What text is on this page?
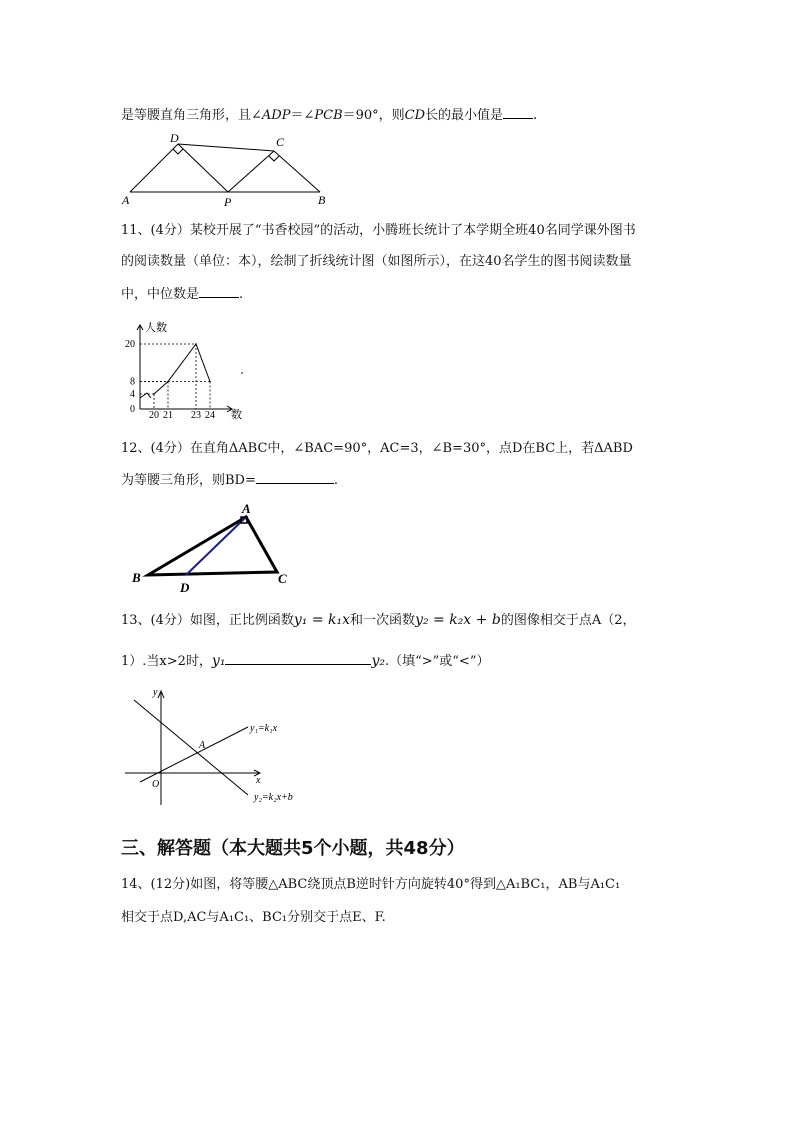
是等腰直角三角形，且∠ADP＝∠PCB＝90°，则CD长的最小值是 .
D	C
A	P	B
11、(4分）某校开展了“书香校园”的活动，小腾班长统计了本学期全班40名同学课外图书
的阅读数量（单位：本），绘制了折线统计图（如图所示），在这40名学生的图书阅读数量
中，中位数是	.
0
4
8
20
20 21 23 24
人数
数
12、(4分）在直角ΔABC中，∠BAC=90°，AC=3，∠B=30°，点D在BC上，若ΔABD
为等腰三角形，则BD=	.
A
B	C
D
13、(4分）如图，正比例函数y₁ = k₁x和一次函数y₂ = k₂x + b的图像相交于点A（2，
1）.当x>2时，y₁	y₂.（填“>”或“<”）
y
x
O
A
y₁=k₁x
y₂=k₂x+b
三、解答题（本大题共5个小题，共48分）
14、(12分)如图，将等腰△ABC绕顶点B逆时针方向旋转40°得到△A₁BC₁，AB与A₁C₁
相交于点D,AC与A₁C₁、BC₁分别交于点E、F.
